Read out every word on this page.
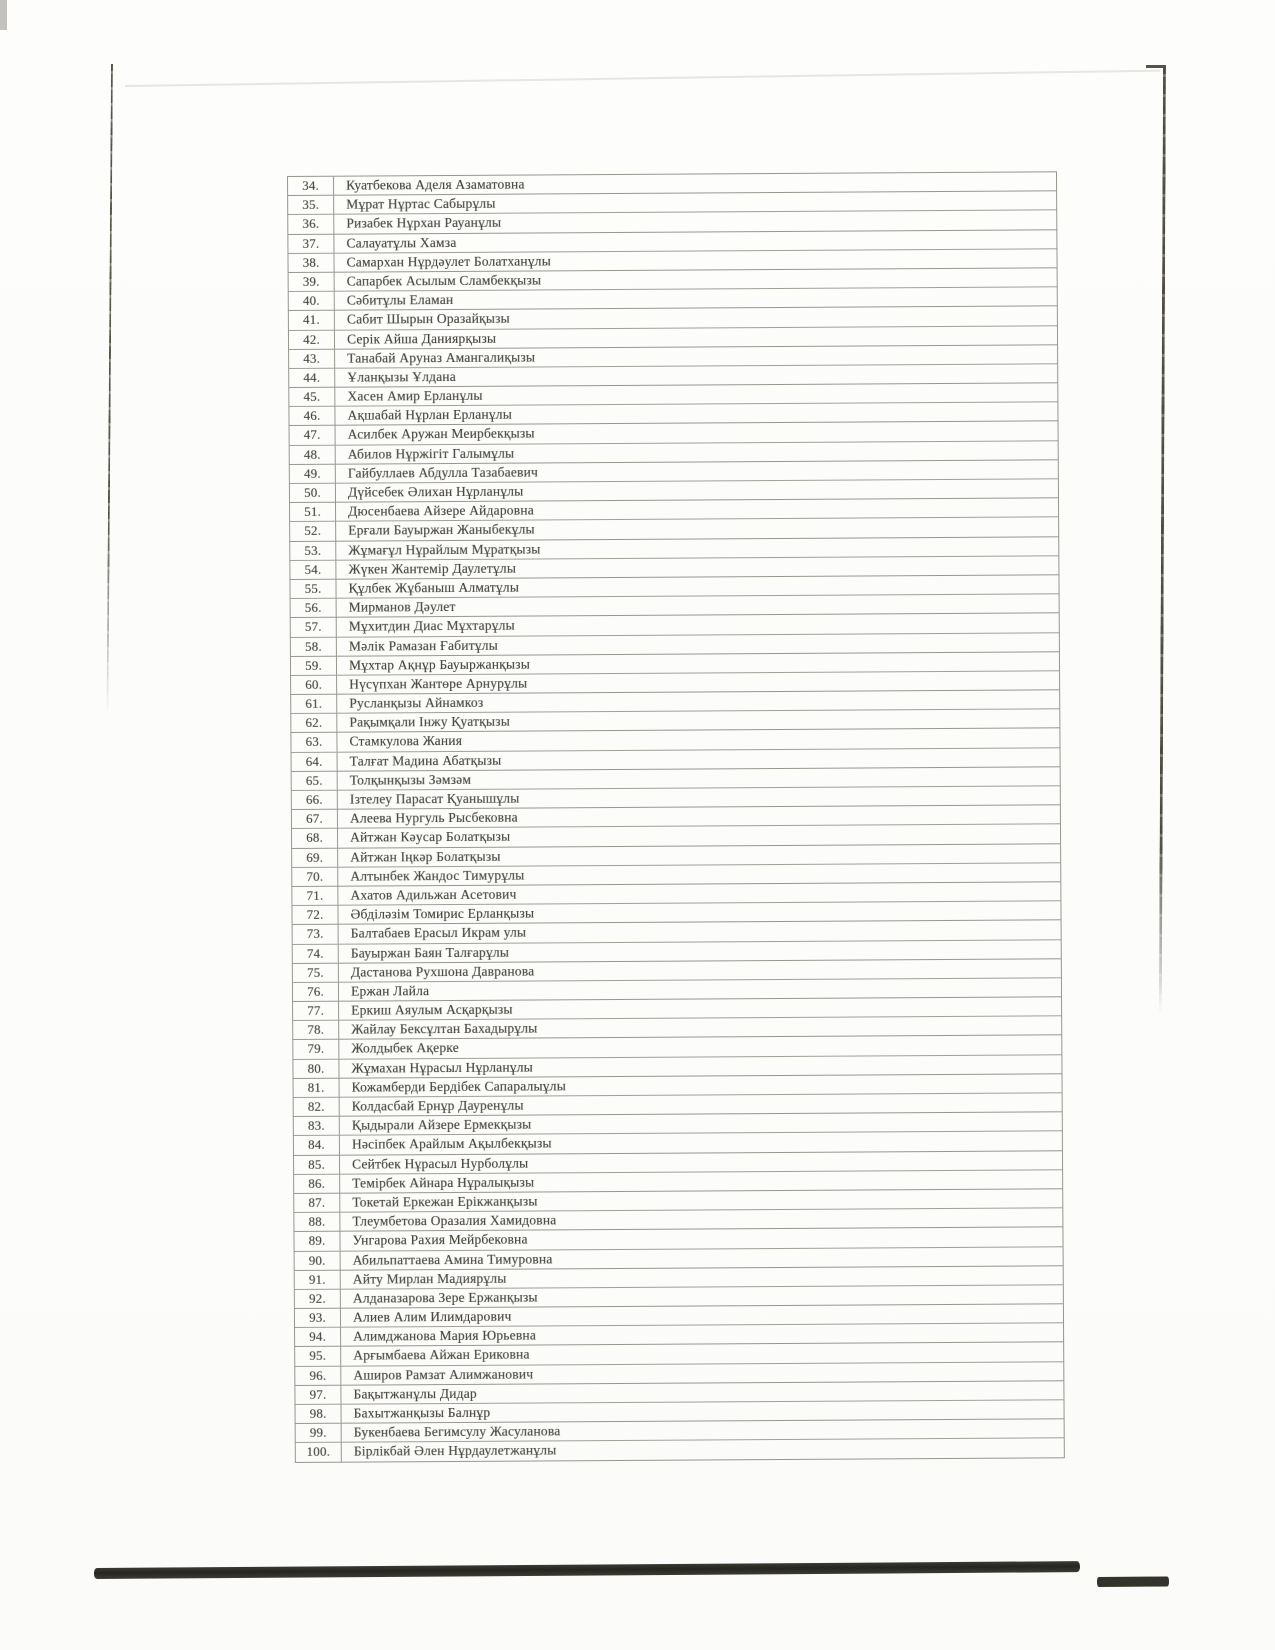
34.	Куатбекова Аделя Азаматовна
35.	Мұрат Нұртас Сабырұлы
36.	Ризабек Нұрхан Рауанұлы
37.	Салауатұлы Хамза
38.	Самархан Нұрдәулет Болатханұлы
39.	Сапарбек Асылым Сламбекқызы
40.	Сәбитұлы Еламан
41.	Сабит Шырын Оразайқызы
42.	Серік Айша Даниярқызы
43.	Танабай Аруназ Амангалиқызы
44.	Ұланқызы Ұлдана
45.	Хасен Амир Ерланұлы
46.	Ақшабай Нұрлан Ерланұлы
47.	Асилбек Аружан Меирбекқызы
48.	Абилов Нұржігіт Галымұлы
49.	Гайбуллаев Абдулла Тазабаевич
50.	Дүйсебек Әлихан Нұрланұлы
51.	Дюсенбаева Айзере Айдаровна
52.	Ерғали Бауыржан Жаныбекұлы
53.	Жұмағұл Нұрайлым Мұратқызы
54.	Жүкен Жантемір Даулетұлы
55.	Құлбек Жұбаныш Алматұлы
56.	Мирманов Дәулет
57.	Мұхитдин Диас Мұхтарұлы
58.	Мәлік Рамазан Ғабитұлы
59.	Мұхтар Ақнұр Бауыржанқызы
60.	Нүсүпхан Жантөре Арнурұлы
61.	Русланқызы Айнамкоз
62.	Рақымқали Інжу Қуатқызы
63.	Стамкулова Жания
64.	Талғат Мадина Абатқызы
65.	Толқынқызы Зәмзәм
66.	Ізтелеу Парасат Қуанышұлы
67.	Алеева Нургуль Рысбековна
68.	Айтжан Кәусар Болатқызы
69.	Айтжан Іңкәр Болатқызы
70.	Алтынбек Жандос Тимурұлы
71.	Ахатов Адильжан Асетович
72.	Әбділәзім Томирис Ерланқызы
73.	Балтабаев Ерасыл Икрам улы
74.	Бауыржан Баян Талғарұлы
75.	Дастанова Рухшона Давранова
76.	Ержан Лайла
77.	Еркиш Аяулым Асқарқызы
78.	Жайлау Бексұлтан Бахадырұлы
79.	Жолдыбек Ақерке
80.	Жұмахан Нұрасыл Нұрланұлы
81.	Кожамберди Бердібек Сапаралыұлы
82.	Колдасбай Ернұр Дауренұлы
83.	Қыдырали Айзере Ермекқызы
84.	Нәсіпбек Арайлым Ақылбекқызы
85.	Сейтбек Нұрасыл Нурболұлы
86.	Темірбек Айнара Нұралықызы
87.	Токетай Еркежан Ерікжанқызы
88.	Тлеумбетова Оразалия Хамидовна
89.	Унгарова Рахия Мейрбековна
90.	Абильпаттаева Амина Тимуровна
91.	Айту Мирлан Мадиярұлы
92.	Алданазарова Зере Ержанқызы
93.	Алиев Алим Илимдарович
94.	Алимджанова Мария Юрьевна
95.	Арғымбаева Айжан Ериковна
96.	Аширов Рамзат Алимжанович
97.	Бақытжанұлы Дидар
98.	Бахытжанқызы Балнұр
99.	Букенбаева Бегимсулу Жасуланова
100.	Бірлікбай Әлен Нұрдаулетжанұлы
